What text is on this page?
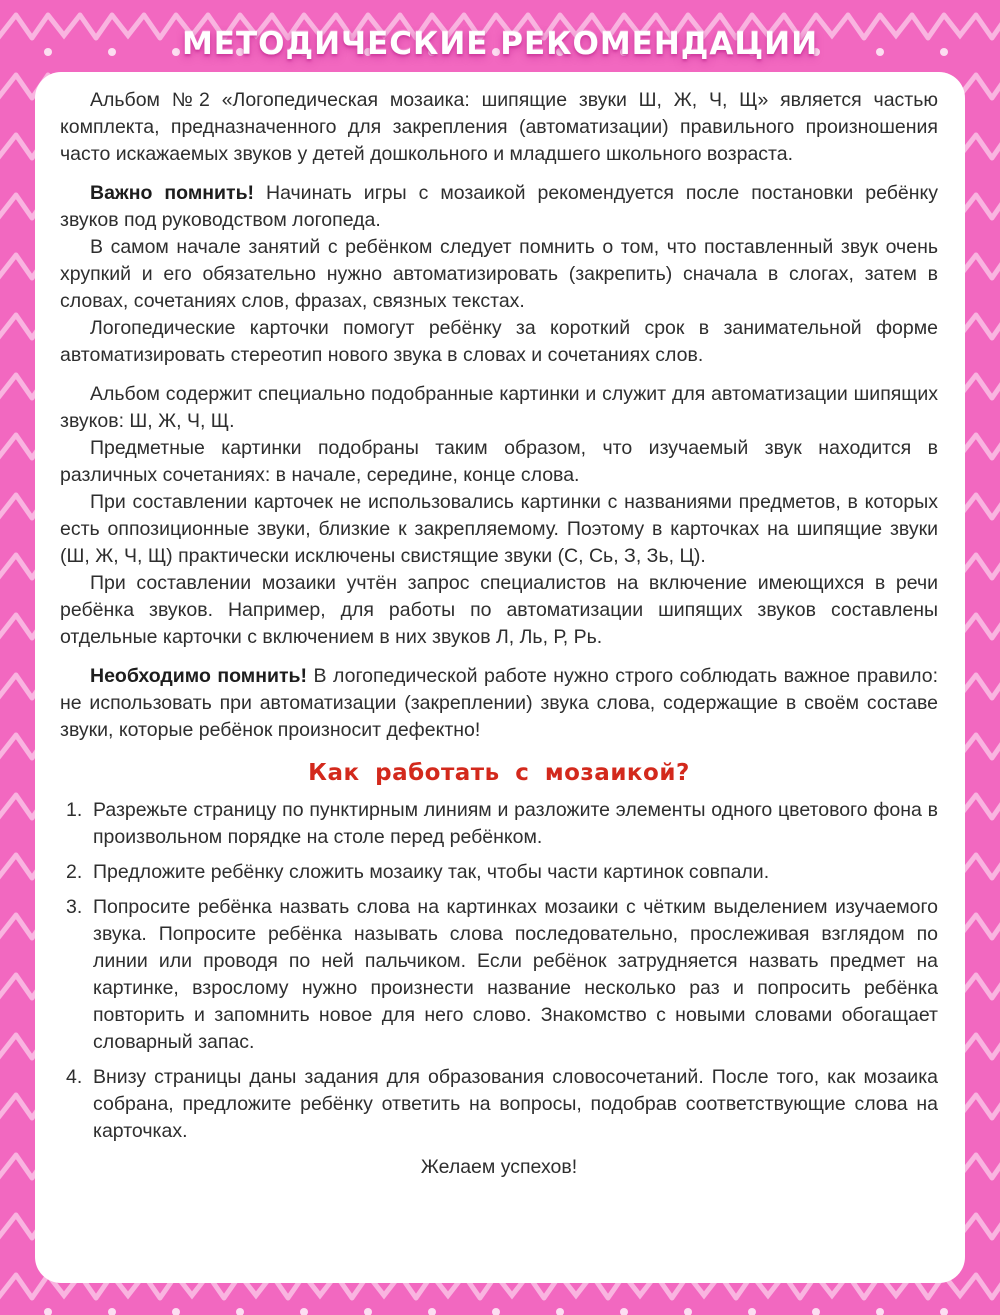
МЕТОДИЧЕСКИЕ РЕКОМЕНДАЦИИ

Альбом №2 «Логопедическая мозаика: шипящие звуки Ш, Ж, Ч, Щ» является частью комплекта, предназначенного для закрепления (автоматизации) правильного произношения часто искажаемых звуков у детей дошкольного и младшего школьного возраста.

Важно помнить! Начинать игры с мозаикой рекомендуется после постановки ребёнку звуков под руководством логопеда.

В самом начале занятий с ребёнком следует помнить о том, что поставленный звук очень хрупкий и его обязательно нужно автоматизировать (закрепить) сначала в слогах, затем в словах, сочетаниях слов, фразах, связных текстах.

Логопедические карточки помогут ребёнку за короткий срок в занимательной форме автоматизировать стереотип нового звука в словах и сочетаниях слов.

Альбом содержит специально подобранные картинки и служит для автоматизации шипящих звуков: Ш, Ж, Ч, Щ.

Предметные картинки подобраны таким образом, что изучаемый звук находится в различных сочетаниях: в начале, середине, конце слова.

При составлении карточек не использовались картинки с названиями предметов, в которых есть оппозиционные звуки, близкие к закрепляемому. Поэтому в карточках на шипящие звуки (Ш, Ж, Ч, Щ) практически исключены свистящие звуки (С, Сь, З, Зь, Ц).

При составлении мозаики учтён запрос специалистов на включение имеющихся в речи ребёнка звуков. Например, для работы по автоматизации шипящих звуков составлены отдельные карточки с включением в них звуков Л, Ль, Р, Рь.

Необходимо помнить! В логопедической работе нужно строго соблюдать важное правило: не использовать при автоматизации (закреплении) звука слова, содержащие в своём составе звуки, которые ребёнок произносит дефектно!

Как работать с мозаикой?
1. Разрежьте страницу по пунктирным линиям и разложите элементы одного цветового фона в произвольном порядке на столе перед ребёнком.
2. Предложите ребёнку сложить мозаику так, чтобы части картинок совпали.
3. Попросите ребёнка назвать слова на картинках мозаики с чётким выделением изучаемого звука. Попросите ребёнка называть слова последовательно, прослеживая взглядом по линии или проводя по ней пальчиком. Если ребёнок затрудняется назвать предмет на картинке, взрослому нужно произнести название несколько раз и попросить ребёнка повторить и запомнить новое для него слово. Знакомство с новыми словами обогащает словарный запас.
4. Внизу страницы даны задания для образования словосочетаний. После того, как мозаика собрана, предложите ребёнку ответить на вопросы, подобрав соответствующие слова на карточках.
Желаем успехов!
